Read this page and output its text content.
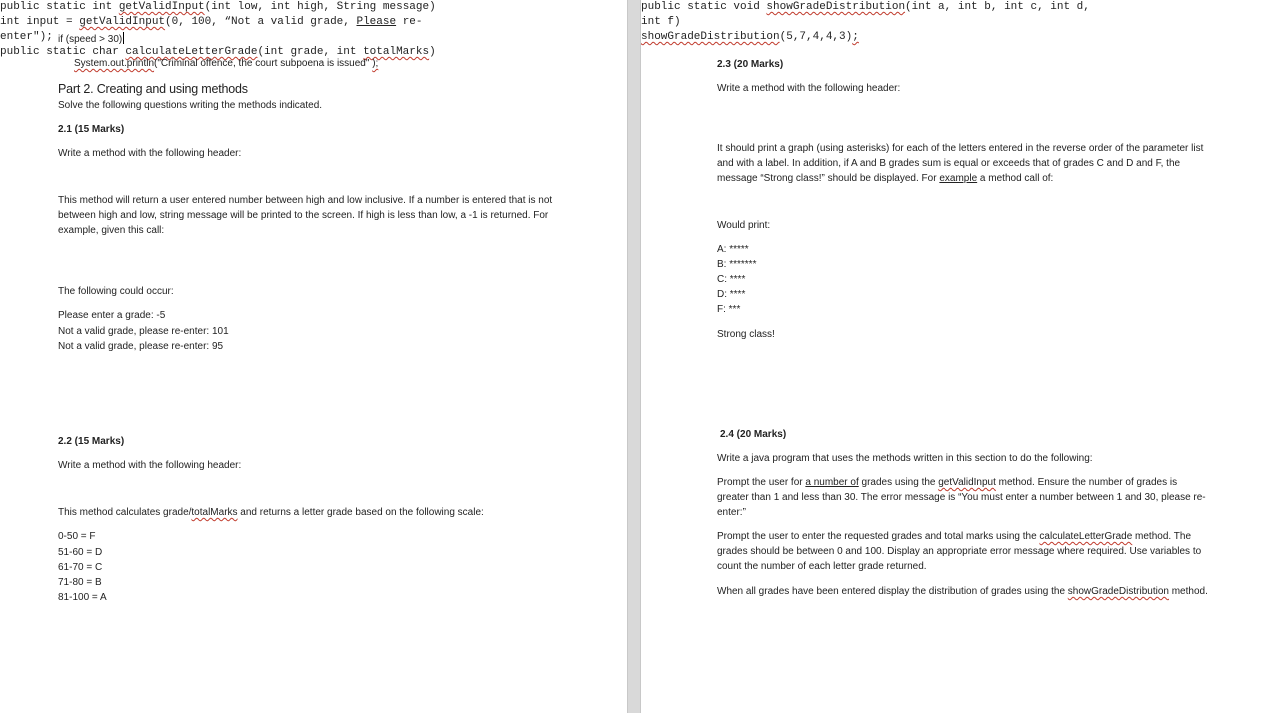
if (speed > 30)
System.out.println("Criminal offence, the court subpoena is issued" );
Part 2. Creating and using methods
Solve the following questions writing the methods indicated.
2.1 (15 Marks)
Write a method with the following header:
public static int getValidInput(int low, int high, String message)
This method will return a user entered number between high and low inclusive. If a number is entered that is not between high and low, string message will be printed to the screen. If high is less than low, a -1 is returned. For example, given this call:
int input = getValidInput(0, 100, “Not a valid grade, Please re-
enter");
The following could occur:
Please enter a grade: -5
Not a valid grade, please re-enter: 101
Not a valid grade, please re-enter: 95
2.2 (15 Marks)
Write a method with the following header:
public static char calculateLetterGrade(int grade, int totalMarks)
This method calculates grade/totalMarks and returns a letter grade based on the following scale:
0-50 = F
51-60 = D
61-70 = C
71-80 = B
81-100 = A
2.3 (20 Marks)
Write a method with the following header:
public static void showGradeDistribution(int a, int b, int c, int d,
int f)
It should print a graph (using asterisks) for each of the letters entered in the reverse order of the parameter list and with a label. In addition, if A and B grades sum is equal or exceeds that of grades C and D and F, the message “Strong class!” should be displayed. For example a method call of:
showGradeDistribution(5,7,4,4,3);
Would print:
A: *****
B: *******
C: ****
D: ****
F: ***
Strong class!
2.4 (20 Marks)
Write a java program that uses the methods written in this section to do the following:
Prompt the user for a number of grades using the getValidInput method. Ensure the number of grades is greater than 1 and less than 30. The error message is “You must enter a number between 1 and 30, please re-enter:”
Prompt the user to enter the requested grades and total marks using the calculateLetterGrade method. The grades should be between 0 and 100. Display an appropriate error message where required. Use variables to count the number of each letter grade returned.
When all grades have been entered display the distribution of grades using the showGradeDistribution method.
